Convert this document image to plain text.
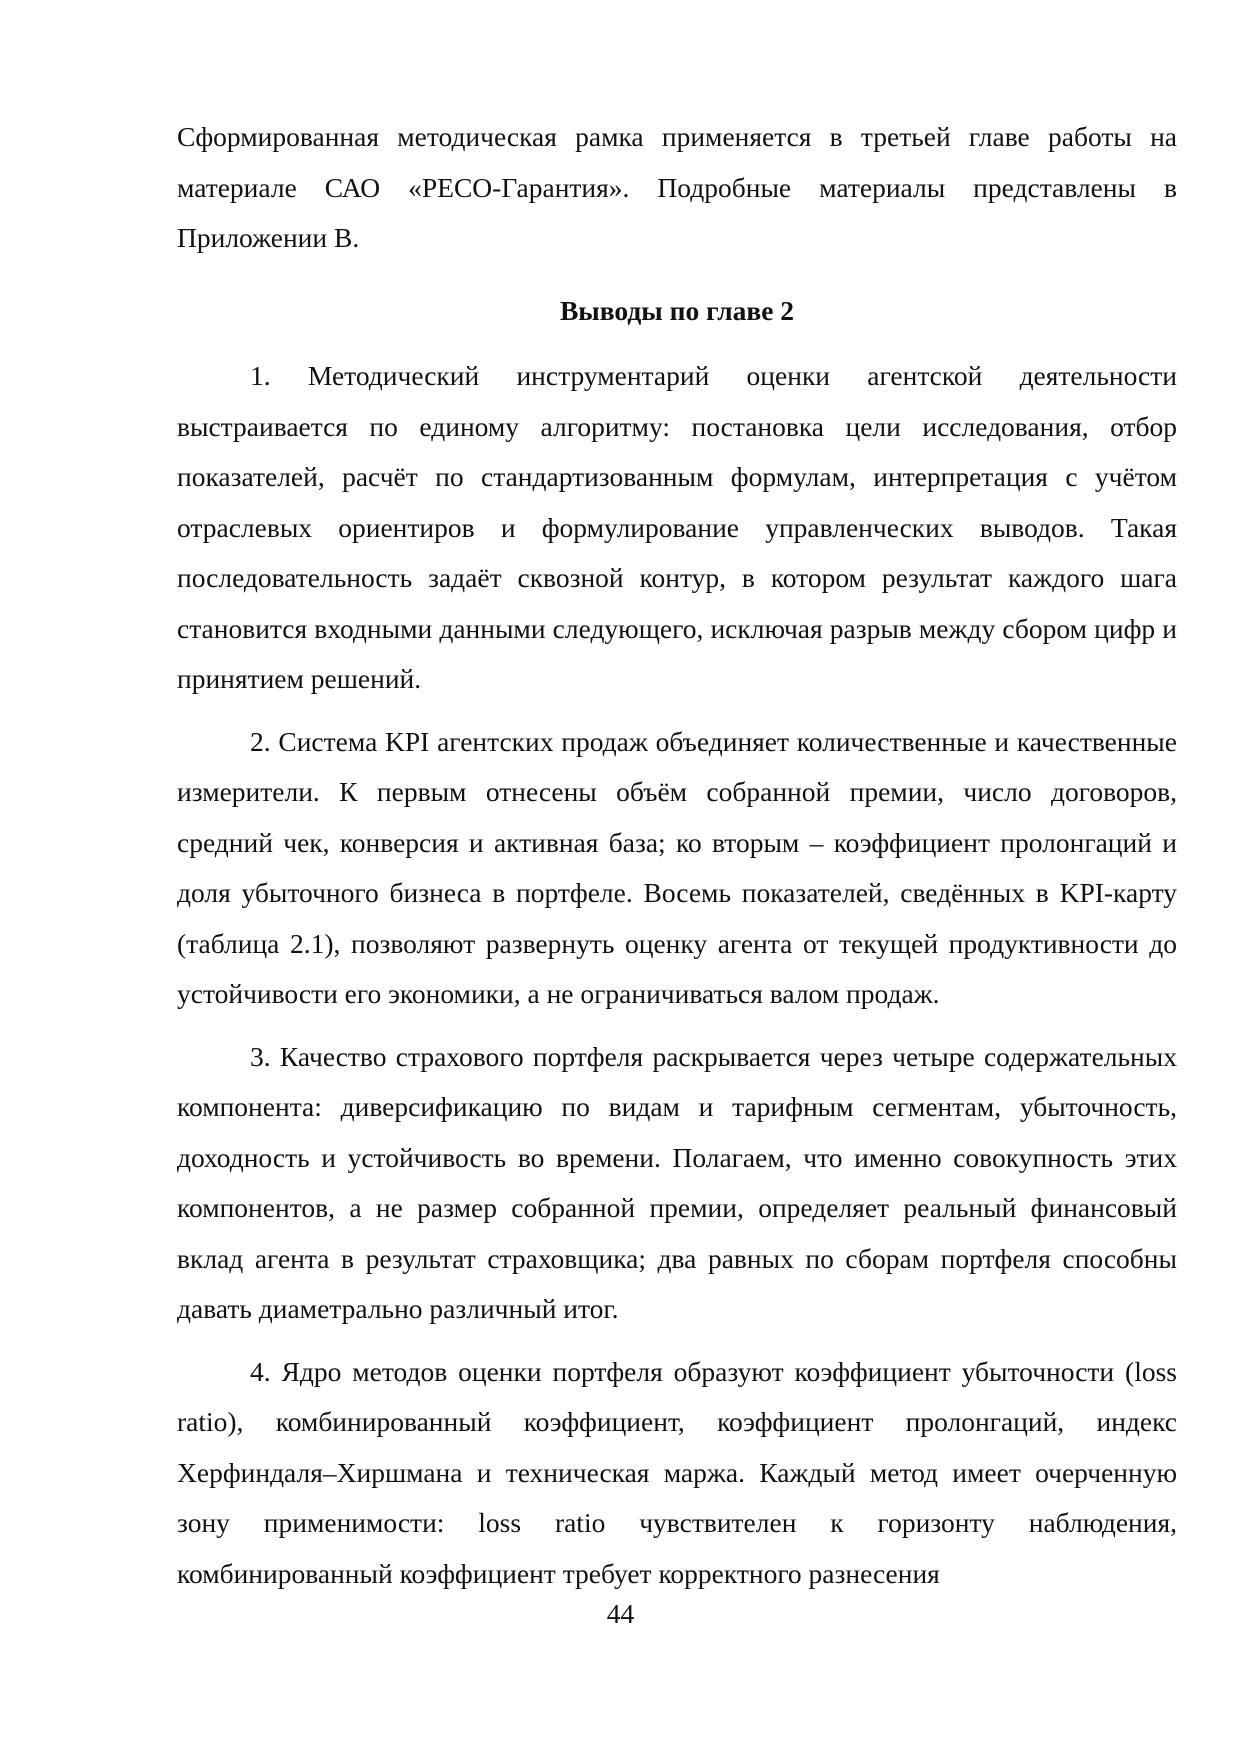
Сформированная методическая рамка применяется в третьей главе работы на материале САО «РЕСО-Гарантия». Подробные материалы представлены в Приложении В.

Выводы по главе 2

1. Методический инструментарий оценки агентской деятельности выстраивается по единому алгоритму: постановка цели исследования, отбор показателей, расчёт по стандартизованным формулам, интерпретация с учётом отраслевых ориентиров и формулирование управленческих выводов. Такая последовательность задаёт сквозной контур, в котором результат каждого шага становится входными данными следующего, исключая разрыв между сбором цифр и принятием решений.

2. Система KPI агентских продаж объединяет количественные и качественные измерители. К первым отнесены объём собранной премии, число договоров, средний чек, конверсия и активная база; ко вторым – коэффициент пролонгаций и доля убыточного бизнеса в портфеле. Восемь показателей, сведённых в KPI-карту (таблица 2.1), позволяют развернуть оценку агента от текущей продуктивности до устойчивости его экономики, а не ограничиваться валом продаж.

3. Качество страхового портфеля раскрывается через четыре содержательных компонента: диверсификацию по видам и тарифным сегментам, убыточность, доходность и устойчивость во времени. Полагаем, что именно совокупность этих компонентов, а не размер собранной премии, определяет реальный финансовый вклад агента в результат страховщика; два равных по сборам портфеля способны давать диаметрально различный итог.

4. Ядро методов оценки портфеля образуют коэффициент убыточности (loss ratio), комбинированный коэффициент, коэффициент пролонгаций, индекс Херфиндаля–Хиршмана и техническая маржа. Каждый метод имеет очерченную зону применимости: loss ratio чувствителен к горизонту наблюдения, комбинированный коэффициент требует корректного разнесения

44
